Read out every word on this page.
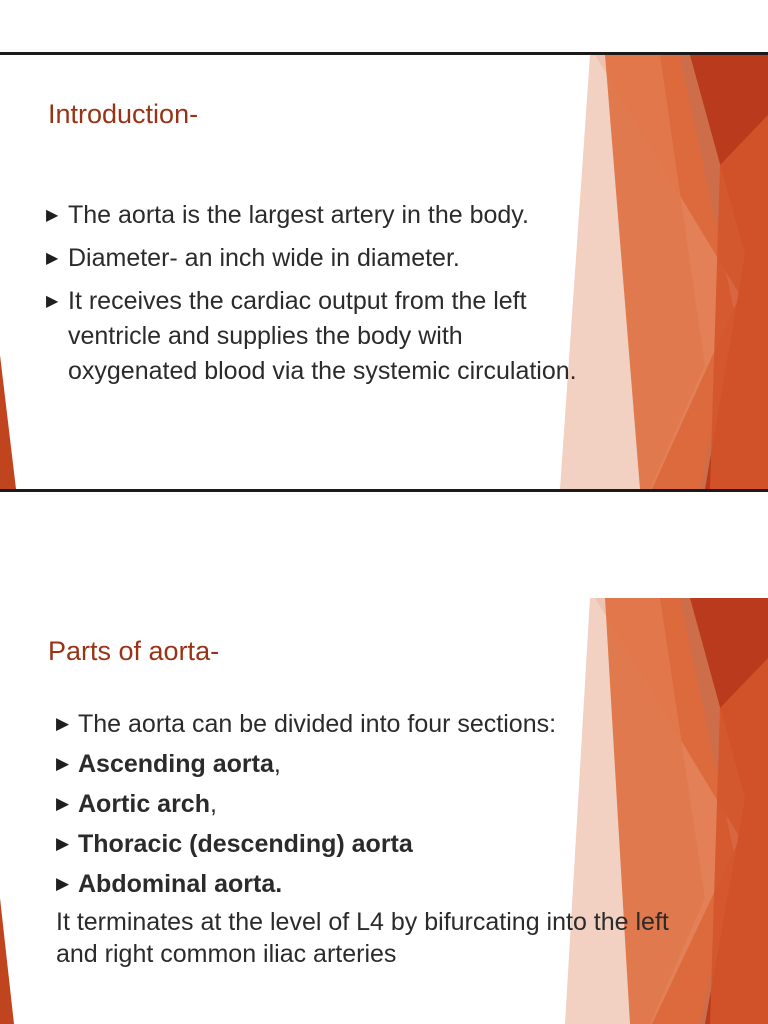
Introduction-
▶ The aorta is the largest artery in the body.
▶ Diameter- an inch wide in diameter.
▶ It receives the cardiac output from the left ventricle and supplies the body with oxygenated blood via the systemic circulation.
Parts of aorta-
▶ The aorta can be divided into four sections:
▶ Ascending aorta,
▶ Aortic arch,
▶ Thoracic (descending) aorta
▶ Abdominal aorta.
It terminates at the level of L4 by bifurcating into the left and right common iliac arteries
